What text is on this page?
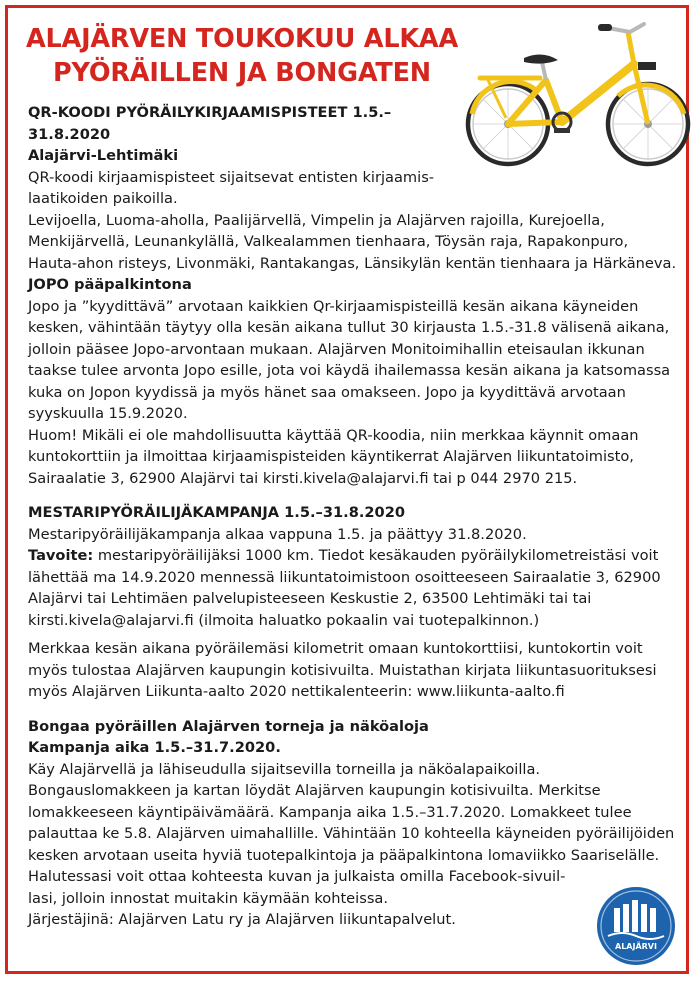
ALAJÄRVEN TOUKOKUU ALKAA
PYÖRÄILLEN JA BONGATEN

QR-KOODI PYÖRÄILYKIRJAAMISPISTEET 1.5.–31.8.2020

Alajärvi-Lehtimäki

QR-koodi kirjaamispisteet sijaitsevat entisten kirjaamis-

laatikoiden paikoilla.

Levijoella, Luoma-aholla, Paalijärvellä, Vimpelin ja Alajärven rajoilla, Kurejoella, Menkijärvellä, Leunankylällä, Valkealammen tienhaara, Töysän raja, Rapakonpuro, Hauta-ahon risteys, Livonmäki, Rantakangas, Länsikylän kentän tienhaara ja Härkäneva.

JOPO pääpalkintona

Jopo ja ”kyydittävä” arvotaan kaikkien Qr-kirjaamispisteillä kesän aikana käyneiden kesken, vähintään täytyy olla kesän aikana tullut 30 kirjausta 1.5.-31.8 välisenä aikana, jolloin pääsee Jopo-arvontaan mukaan. Alajärven Monitoimihallin eteisaulan ikkunan taakse tulee arvonta Jopo esille, jota voi käydä ihailemassa kesän aikana ja katsomassa kuka on Jopon kyydissä ja myös hänet saa omakseen. Jopo ja kyydittävä arvotaan syyskuulla 15.9.2020.

Huom! Mikäli ei ole mahdollisuutta käyttää QR-koodia, niin merkkaa käynnit omaan kuntokorttiin ja ilmoittaa kirjaamispisteiden käyntikerrat Alajärven liikuntatoimisto, Sairaalatie 3, 62900 Alajärvi tai kirsti.kivela@alajarvi.fi tai p 044 2970 215.

MESTARIPYÖRÄILIJÄKAMPANJA 1.5.–31.8.2020

Mestaripyöräilijäkampanja alkaa vappuna 1.5. ja päättyy 31.8.2020.

Tavoite: mestaripyöräilijäksi 1000 km. Tiedot kesäkauden pyöräilykilometreistäsi voit lähettää ma 14.9.2020 mennessä liikuntatoimistoon osoitteeseen Sairaalatie 3, 62900 Alajärvi tai Lehtimäen palvelupisteeseen Keskustie 2, 63500 Lehtimäki tai tai kirsti.kivela@alajarvi.fi (ilmoita haluatko pokaalin vai tuotepalkinnon.)

Merkkaa kesän aikana pyöräilemäsi kilometrit omaan kuntokorttiisi, kuntokortin voit myös tulostaa Alajärven kaupungin kotisivuilta. Muistathan kirjata liikuntasuorituksesi myös Alajärven Liikunta-aalto 2020 nettikalenteerin: www.liikunta-aalto.fi

Bongaa pyöräillen Alajärven torneja ja näköaloja

Kampanja aika 1.5.–31.7.2020.

Käy Alajärvellä ja lähiseudulla sijaitsevilla torneilla ja näköalapaikoilla. Bongauslomakkeen ja kartan löydät Alajärven kaupungin kotisivuilta. Merkitse lomakkeeseen käyntipäivämäärä. Kampanja aika 1.5.–31.7.2020. Lomakkeet tulee palauttaa ke 5.8. Alajärven uimahallille. Vähintään 10 kohteella käyneiden pyöräilijöiden kesken arvotaan useita hyviä tuotepalkintoja ja pääpalkintona lomaviikko Saariselälle.

Halutessasi voit ottaa kohteesta kuvan ja julkaista omilla Facebook-sivuil-

lasi, jolloin innostat muitakin käymään kohteissa.

Järjestäjinä: Alajärven Latu ry ja Alajärven liikuntapalvelut.

ALAJÄRVI
